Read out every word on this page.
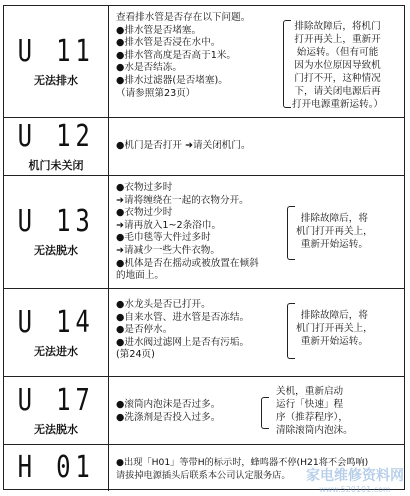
U 11
无法排水
查看排水管是否存在以下问题。
●排水管是否堵塞。
●排水管是否浸在水中。
●排水管高度是否高于1米。
●水是否结冻。
●排水过滤器(是否堵塞)。
（请参照第23页）
排除故障后，将机门
打开再关上，重新开
始运转。（但有可能
因为水位原因导致机
门打不开，这种情况
下，请关闭电源后再
打开电源重新运转。）
U 12
机门未关闭
●机门是否打开 ➜请关闭机门。
U 13
无法脱水
●衣物过多时
➜请将缠绕在一起的衣物分开。
●衣物过少时
➜请再放入1~2条浴巾。
●毛巾毯等大件过多时
➜请减少一些大件衣物。
●机体是否在摇动或被放置在倾斜
的地面上。
排除故障后，将
机门打开再关上，
重新开始运转。
U 14
无法进水
●水龙头是否已打开。
●自来水管、进水管是否冻结。
●是否停水。
●进水阀过滤网上是否有污垢。
(第24页)
排除故障后，将
机门打开再关上，
重新开始运转。
U 17
无法脱水
●滚筒内泡沫是否过多。
●洗涤剂是否投入过多。
关机，重新启动
运行「快速」程
序（推荐程序），
清除滚筒内泡沫。
H 01 ●出现「H01」等带H的标示时，蜂鸣器不停(H21将不会鸣响)
请拔掉电源插头后联系本公司认定服务店。	家电维修资料网
www.520101.com
